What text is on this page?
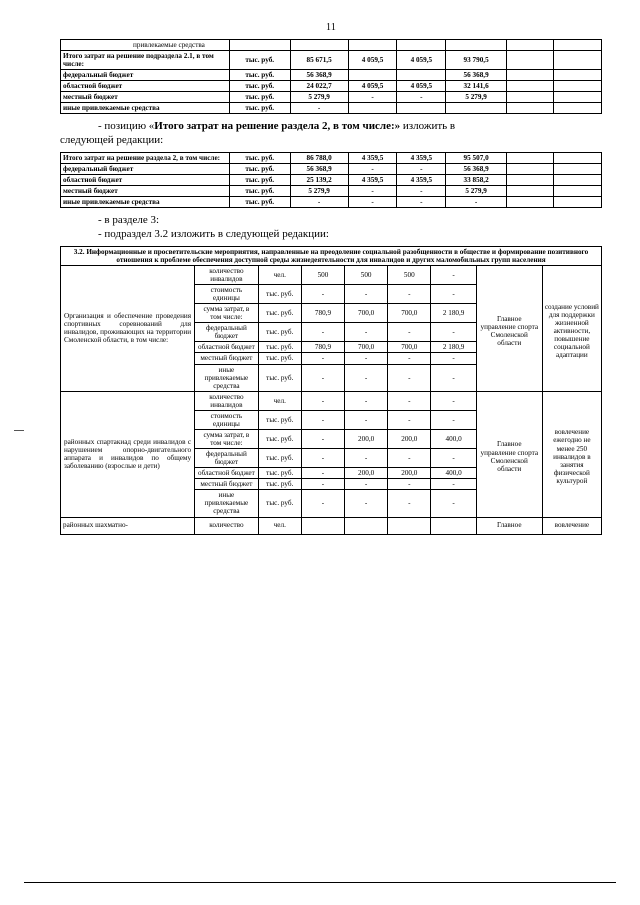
11
привлекаемые средства							
Итого затрат на решение подраздела 2.1, в том числе:	тыс. руб.	85 671,5	4 059,5	4 059,5	93 790,5		
федеральный бюджет	тыс. руб.	56 368,9			56 368,9		
областной бюджет	тыс. руб.	24 022,7	4 059,5	4 059,5	32 141,6		
местный бюджет	тыс. руб.	5 279,9	-	-	5 279,9		
иные привлекаемые средства	тыс. руб.	-					
- позицию «Итого затрат на решение раздела 2, в том числе:» изложить в
следующей редакции:
Итого затрат на решение раздела 2, в том числе:	тыс. руб.	86 788,0	4 359,5	4 359,5	95 507,0		
федеральный бюджет	тыс. руб.	56 368,9	-	-	56 368,9		
областной бюджет	тыс. руб.	25 139,2	4 359,5	4 359,5	33 858,2		
местный бюджет	тыс. руб.	5 279,9	-	-	5 279,9		
иные привлекаемые средства	тыс. руб.	-	-	-	-		
- в разделе 3:
- подраздел 3.2 изложить в следующей редакции:
3.2. Информационные и просветительские мероприятия, направленные на преодоление социальной разобщенности в обществе и формирование позитивного отношения к проблеме обеспечения доступной среды жизнедеятельности для инвалидов и других маломобильных групп населения								
Организация и обеспечение проведения спортивных соревнований для инвалидов, проживающих на территории Смоленской области, в том числе:	количество инвалидов	чел.	500	500	500	-	Главное управление спорта Смоленской области	создание условий для поддержки жизненной активности, повышение социальной адаптации
	стоимость единицы	тыс. руб.	-	-	-	-		
	сумма затрат, в том числе:	тыс. руб.	780,9	700,0	700,0	2 180,9		
	федеральный бюджет	тыс. руб.	-	-	-	-		
	областной бюджет	тыс. руб.	780,9	700,0	700,0	2 180,9		
	местный бюджет	тыс. руб.	-	-	-	-		
	иные привлекаемые средства	тыс. руб.	-	-	-	-		
районных спартакиад среди инвалидов с нарушением опорно-двигательного аппарата и инвалидов по общему заболеванию (взрослые и дети)	количество инвалидов	чел.	-	-	-	-	Главное управление спорта Смоленской области	вовлечение ежегодно не менее 250 инвалидов в занятия физической культурой
	стоимость единицы	тыс. руб.	-	-	-	-		
	сумма затрат, в том числе:	тыс. руб.	-	200,0	200,0	400,0		
	федеральный бюджет	тыс. руб.	-	-	-	-		
	областной бюджет	тыс. руб.	-	200,0	200,0	400,0		
	местный бюджет	тыс. руб.	-	-	-	-		
	иные привлекаемые средства	тыс. руб.	-	-	-	-		
районных шахматно-	количество	чел.					Главное	вовлечение
